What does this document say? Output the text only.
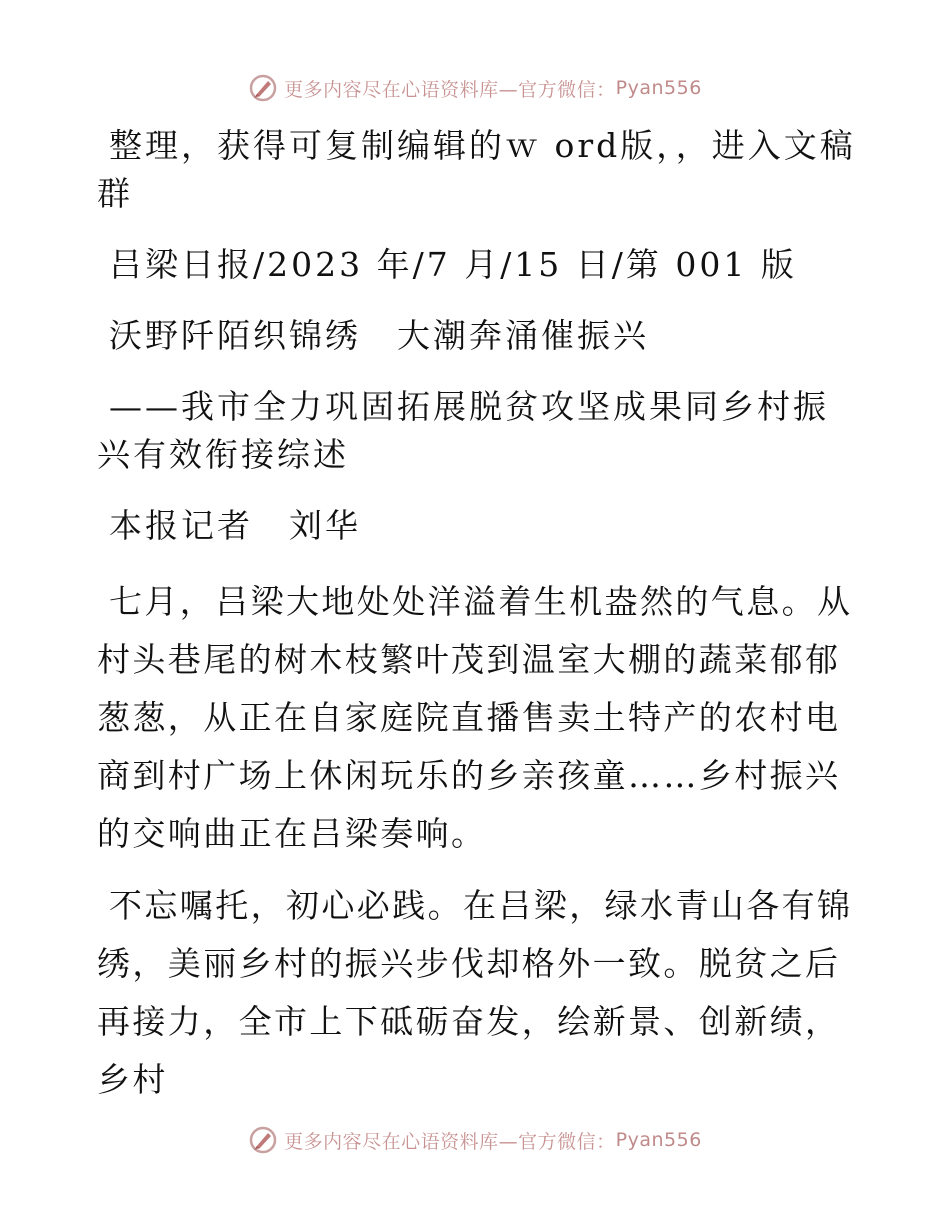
更多内容尽在心语资料库—官方微信： Pyan556

整理，获得可复制编辑的ｗ ord版，，进入文稿群

吕梁日报/2023 年/7 月/15 日/第 001 版

沃野阡陌织锦绣　大潮奔涌催振兴

——我市全力巩固拓展脱贫攻坚成果同乡村振兴有效衔接综述

本报记者　刘华

七月，吕梁大地处处洋溢着生机盎然的气息。从村头巷尾的树木枝繁叶茂到温室大棚的蔬菜郁郁葱葱，从正在自家庭院直播售卖土特产的农村电商到村广场上休闲玩乐的乡亲孩童……乡村振兴的交响曲正在吕梁奏响。

不忘嘱托，初心必践。在吕梁，绿水青山各有锦绣，美丽乡村的振兴步伐却格外一致。脱贫之后再接力，全市上下砥砺奋发，绘新景、创新绩，乡村

更多内容尽在心语资料库—官方微信： Pyan556
